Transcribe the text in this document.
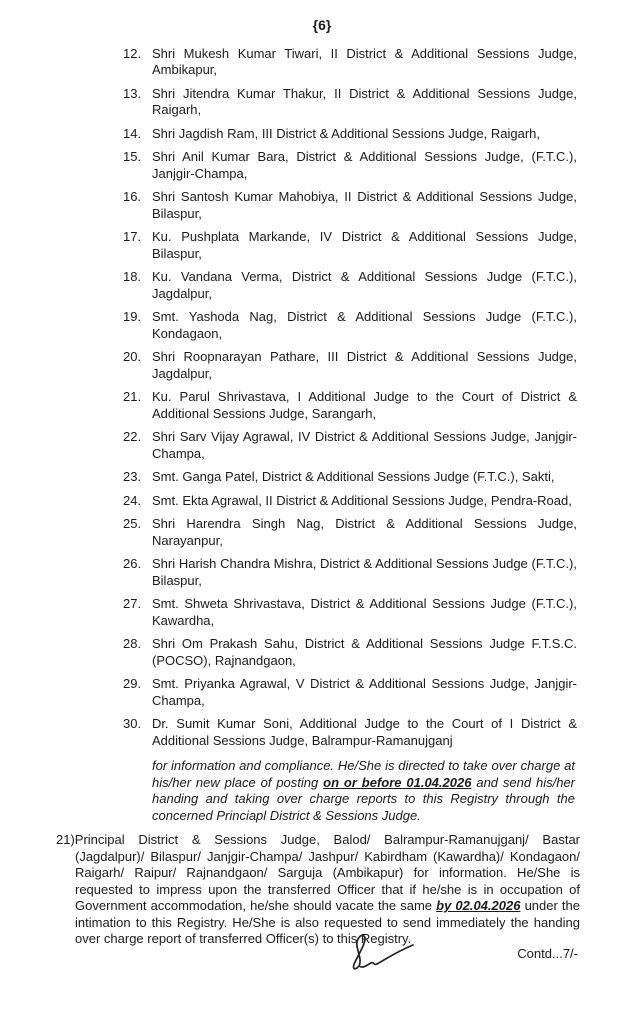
{6}
12. Shri Mukesh Kumar Tiwari, II District & Additional Sessions Judge, Ambikapur,
13. Shri Jitendra Kumar Thakur, II District & Additional Sessions Judge, Raigarh,
14. Shri Jagdish Ram, III District & Additional Sessions Judge, Raigarh,
15. Shri Anil Kumar Bara, District & Additional Sessions Judge, (F.T.C.), Janjgir-Champa,
16. Shri Santosh Kumar Mahobiya, II District & Additional Sessions Judge, Bilaspur,
17. Ku. Pushplata Markande, IV District & Additional Sessions Judge, Bilaspur,
18. Ku. Vandana Verma, District & Additional Sessions Judge (F.T.C.), Jagdalpur,
19. Smt. Yashoda Nag, District & Additional Sessions Judge (F.T.C.), Kondagaon,
20. Shri Roopnarayan Pathare, III District & Additional Sessions Judge, Jagdalpur,
21. Ku. Parul Shrivastava, I Additional Judge to the Court of District & Additional Sessions Judge, Sarangarh,
22. Shri Sarv Vijay Agrawal, IV District & Additional Sessions Judge, Janjgir-Champa,
23. Smt. Ganga Patel, District & Additional Sessions Judge (F.T.C.), Sakti,
24. Smt. Ekta Agrawal, II District & Additional Sessions Judge, Pendra-Road,
25. Shri Harendra Singh Nag, District & Additional Sessions Judge, Narayanpur,
26. Shri Harish Chandra Mishra, District & Additional Sessions Judge (F.T.C.), Bilaspur,
27. Smt. Shweta Shrivastava, District & Additional Sessions Judge (F.T.C.), Kawardha,
28. Shri Om Prakash Sahu, District & Additional Sessions Judge F.T.S.C. (POCSO), Rajnandgaon,
29. Smt. Priyanka Agrawal, V District & Additional Sessions Judge, Janjgir-Champa,
30. Dr. Sumit Kumar Soni, Additional Judge to the Court of I District & Additional Sessions Judge, Balrampur-Ramanujganj

for information and compliance. He/She is directed to take over charge at his/her new place of posting on or before 01.04.2026 and send his/her handing and taking over charge reports to this Registry through the concerned Princiapl District & Sessions Judge.

21)Principal District & Sessions Judge, Balod/ Balrampur-Ramanujganj/ Bastar (Jagdalpur)/ Bilaspur/ Janjgir-Champa/ Jashpur/ Kabirdham (Kawardha)/ Kondagaon/ Raigarh/ Raipur/ Rajnandgaon/ Sarguja (Ambikapur) for information. He/She is requested to impress upon the transferred Officer that if he/she is in occupation of Government accommodation, he/she should vacate the same by 02.04.2026 under the intimation to this Registry. He/She is also requested to send immediately the handing over charge report of transferred Officer(s) to this Registry.

Contd...7/-
